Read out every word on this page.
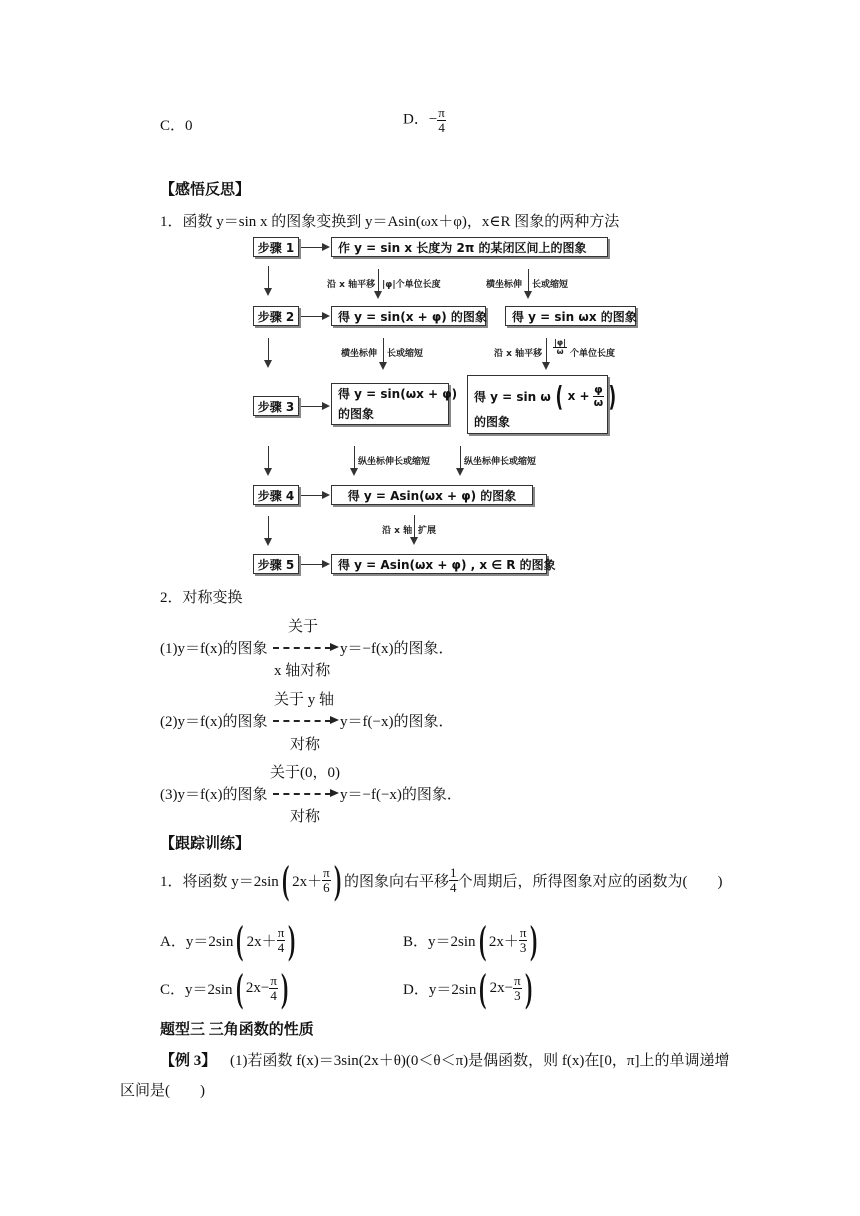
C．0	D．− $\frac{\pi}{4}$
【感悟反思】
1．函数 y＝sin x 的图象变换到 y＝Asin(ωx＋φ)，x∈R 图象的两种方法
步骤 1
步骤 2
步骤 3
步骤 4
步骤 5
作 y = sin x 长度为 2π 的某闭区间上的图象
得 y = sin(x + φ) 的图象	得 y = sin ωx 的图象
得 y = sin(ωx + φ)
的图象
得 y = sin ω ( $x + \frac{\varphi}{\omega}$ )
的图象
得 y = Asin(ωx + φ) 的图象
得 y = Asin(ωx + φ) , x ∈ R 的图象
沿 x 轴平移 |φ|个单位长度	横坐标伸 长或缩短
横坐标伸 长或缩短	沿 x 轴平移 $\frac{|\varphi|}{\omega}$ 个单位长度
纵坐标伸长或缩短	纵坐标伸长或缩短
沿 x 轴 扩展
2．对称变换
关于
(1)y＝f(x)的图象	y＝−f(x)的图象．
x 轴对称
关于 y 轴
(2)y＝f(x)的图象	y＝f(−x)的图象．
对称
关于(0，0)
(3)y＝f(x)的图象	y＝−f(−x)的图象．
对称
【跟踪训练】
1．将函数 y＝2sin ( $2x+ \frac{\pi}{6}$ ) 的图象向右平移 $\frac{1}{4}$ 个周期后，所得图象对应的函数为(　　)
A．y＝2sin ( $2x+ \frac{\pi}{4}$ )	B．y＝2sin ( $2x+ \frac{\pi}{3}$ )
C．y＝2sin ( $2x- \frac{\pi}{4}$ )	D．y＝2sin ( $2x- \frac{\pi}{3}$ )
题型三 三角函数的性质
【例 3】 (1)若函数 f(x)＝3sin(2x＋θ)(0＜θ＜π)是偶函数，则 f(x)在[0，π]上的单调递增
区间是(　　)
